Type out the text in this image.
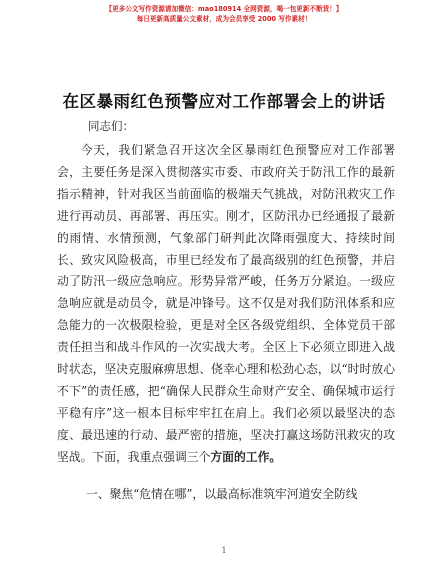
【更多公文写作资源请加微信：mao180914 全网资源，喝一包更新不断货！】
每日更新高质量公文素材，成为会员享受 2000 写作素材！
在区暴雨红色预警应对工作部署会上的讲话
同志们：

今天，我们紧急召开这次全区暴雨红色预警应对工作部署会，主要任务是深入贯彻落实市委、市政府关于防汛工作的最新指示精神，针对我区当前面临的极端天气挑战，对防汛救灾工作进行再动员、再部署、再压实。刚才，区防汛办已经通报了最新的雨情、水情预测，气象部门研判此次降雨强度大、持续时间长、致灾风险极高，市里已经发布了最高级别的红色预警，并启动了防汛一级应急响应。形势异常严峻，任务万分紧迫。一级应急响应就是动员令，就是冲锋号。这不仅是对我们防汛体系和应急能力的一次极限检验，更是对全区各级党组织、全体党员干部责任担当和战斗作风的一次实战大考。全区上下必须立即进入战时状态，坚决克服麻痹思想、侥幸心理和松劲心态，以“时时放心不下”的责任感，把“确保人民群众生命财产安全、确保城市运行平稳有序”这一根本目标牢牢扛在肩上。我们必须以最坚决的态度、最迅速的行动、最严密的措施，坚决打赢这场防汛救灾的攻坚战。下面，我重点强调三个方面的工作。

一、聚焦“危情在哪”，以最高标准筑牢河道安全防线
1
